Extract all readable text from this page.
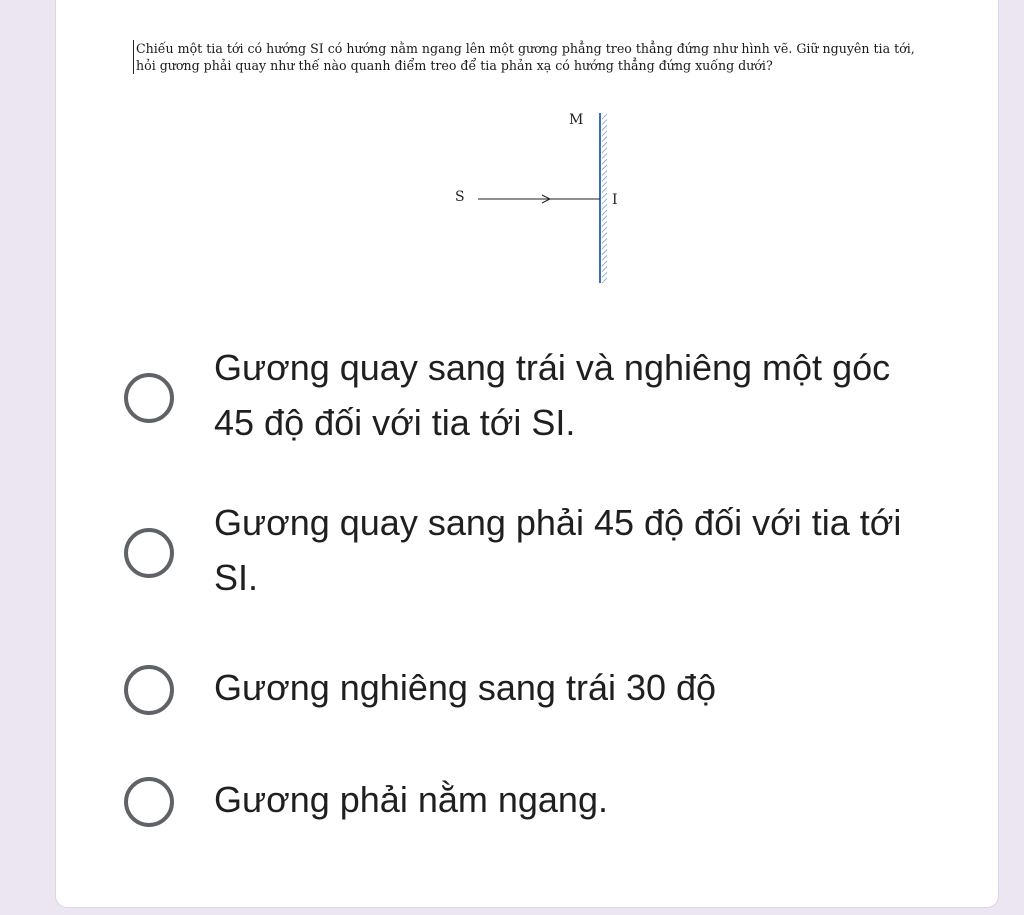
Chiếu một tia tới có hướng SI có hướng nằm ngang lên một gương phẳng treo thẳng đứng như hình vẽ. Giữ nguyên tia tới, hỏi gương phải quay như thế nào quanh điểm treo để tia phản xạ có hướng thẳng đứng xuống dưới?

M
S	I

Gương quay sang trái và nghiêng một góc 45 độ đối với tia tới SI.

Gương quay sang phải 45 độ đối với tia tới SI.

Gương nghiêng sang trái 30 độ

Gương phải nằm ngang.
